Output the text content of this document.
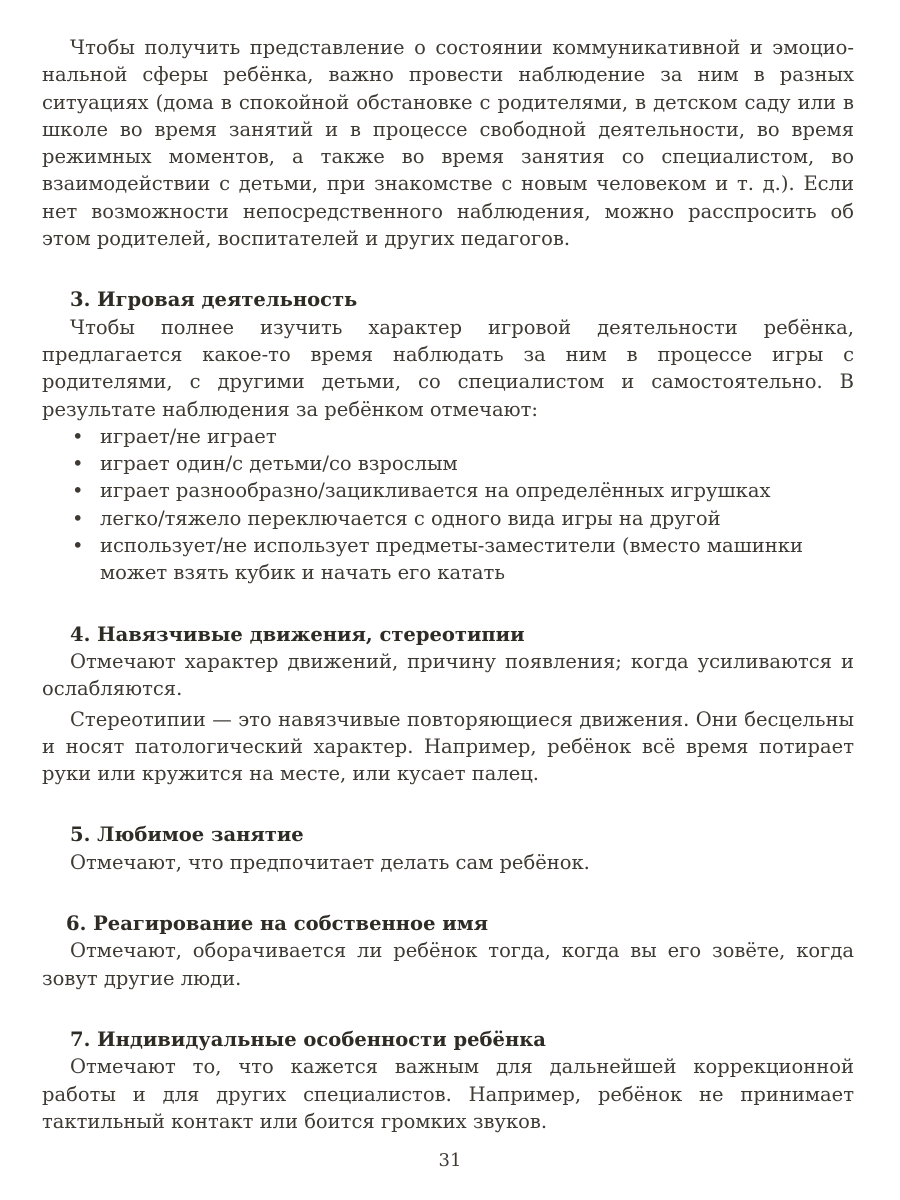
Чтобы получить представление о состоянии коммуникативной и эмоциональной сферы ребёнка, важно провести наблюдение за ним в разных ситуациях (дома в спокойной обстановке с родителями, в детском саду или в школе во время занятий и в процессе свободной деятельности, во время режимных моментов, а также во время занятия со специалистом, во взаимодействии с детьми, при знакомстве с новым человеком и т. д.). Если нет возможности непосредственного наблюдения, можно расспросить об этом родителей, воспитателей и других педагогов.

3. Игровая деятельность

Чтобы полнее изучить характер игровой деятельности ребёнка, предлагается какое-то время наблюдать за ним в процессе игры с родителями, с другими детьми, со специалистом и самостоятельно. В результате наблюдения за ребёнком отмечают:

• играет/не играет
• играет один/с детьми/со взрослым
• играет разнообразно/зацикливается на определённых игрушках
• легко/тяжело переключается с одного вида игры на другой
• использует/не использует предметы-заместители (вместо машинки может взять кубик и начать его катать
4. Навязчивые движения, стереотипии

Отмечают характер движений, причину появления; когда усиливаются и ослабляются.

Стереотипии — это навязчивые повторяющиеся движения. Они бесцельны и носят патологический характер. Например, ребёнок всё время потирает руки или кружится на месте, или кусает палец.

5. Любимое занятие

Отмечают, что предпочитает делать сам ребёнок.

6. Реагирование на собственное имя

Отмечают, оборачивается ли ребёнок тогда, когда вы его зовёте, когда зовут другие люди.

7. Индивидуальные особенности ребёнка

Отмечают то, что кажется важным для дальнейшей коррекционной работы и для других специалистов. Например, ребёнок не принимает тактильный контакт или боится громких звуков.

31
